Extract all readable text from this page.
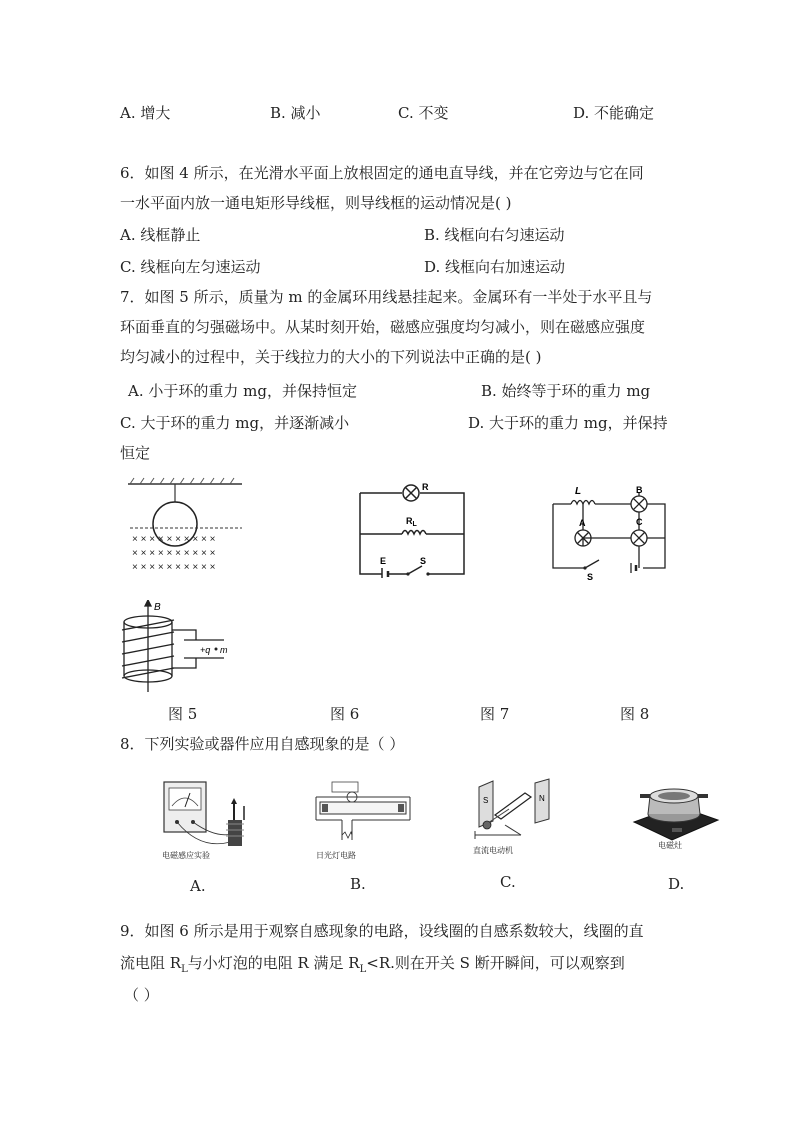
A. 增大	B. 减小	C. 不变	D. 不能确定
6．如图 4 所示，在光滑水平面上放根固定的通电直导线，并在它旁边与它在同
一水平面内放一通电矩形导线框，则导线框的运动情况是( )
A. 线框静止	B. 线框向右匀速运动
C. 线框向左匀速运动	D. 线框向右加速运动
7．如图 5 所示，质量为 m 的金属环用线悬挂起来。金属环有一半处于水平且与
环面垂直的匀强磁场中。从某时刻开始，磁感应强度均匀减小，则在磁感应强度
均匀减小的过程中，关于线拉力的大小的下列说法中正确的是( )
A. 小于环的重力 mg，并保持恒定	B. 始终等于环的重力 mg
C. 大于环的重力 mg，并逐渐减小	D. 大于环的重力 mg，并保持
恒定
× × × × × × × × × ×
× × × × × × × × × ×
× × × × × × × × × ×
R
$R_L$
E	S
L
A
B
C
S
B
+q m
图 5	图 6	图 7	图 8
8．下列实验或器件应用自感现象的是（ ）
电磁感应实验	日光灯电路
S	N
直流电动机
电磁灶
A.	B.	C.	D.
9．如图 6 所示是用于观察自感现象的电路，设线圈的自感系数较大，线圈的直
流电阻 $R_L$与小灯泡的电阻 R 满足 $R_L<R$.则在开关 S 断开瞬间，可以观察到
（ ）
